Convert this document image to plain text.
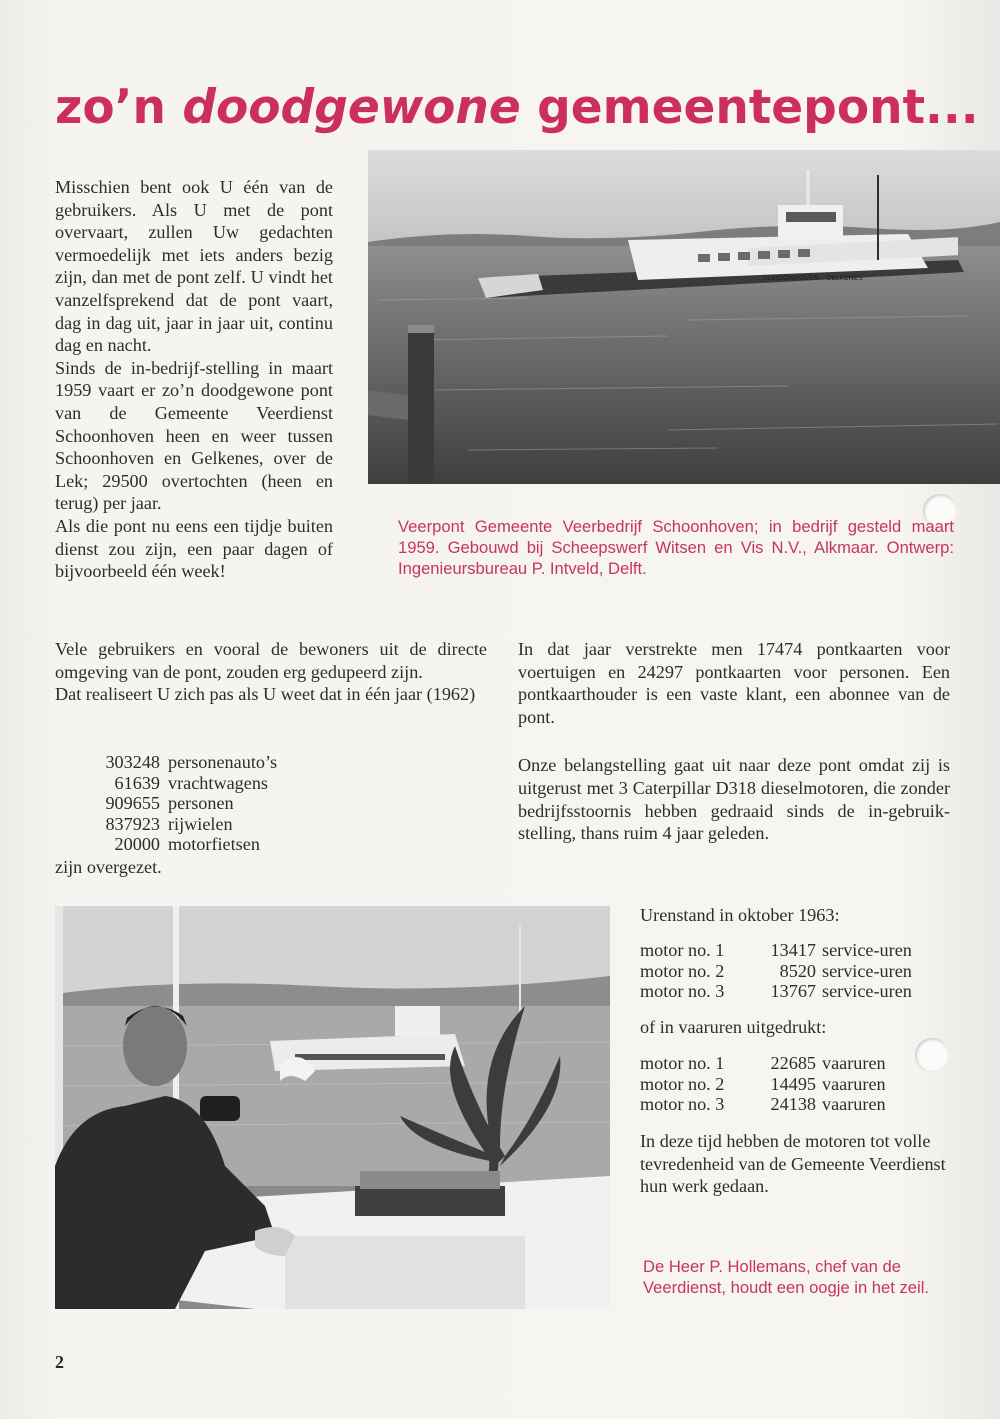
zo’n doodgewone gemeentepont...
SCHOONHOVEN - GELKENES
Veerpont Gemeente Veerbedrijf Schoonhoven; in bedrijf gesteld maart 1959. Gebouwd bij Scheepswerf Witsen en Vis N.V., Alkmaar. Ontwerp: Ingenieursbureau P. Intveld, Delft.

Misschien bent ook U één van de gebruikers. Als U met de pont overvaart, zullen Uw gedachten vermoedelijk met iets anders bezig zijn, dan met de pont zelf. U vindt het vanzelfsprekend dat de pont vaart, dag in dag uit, jaar in jaar uit, continu dag en nacht.

Sinds de in-bedrijf-stelling in maart 1959 vaart er zo’n doodgewone pont van de Gemeente Veerdienst Schoonhoven heen en weer tussen Schoonhoven en Gelkenes, over de Lek; 29500 overtochten (heen en terug) per jaar.

Als die pont nu eens een tijdje buiten dienst zou zijn, een paar dagen of bijvoorbeeld één week!

Vele gebruikers en vooral de bewoners uit de directe omgeving van de pont, zouden erg gedupeerd zijn.

Dat realiseert U zich pas als U weet dat in één jaar (1962)

303248 personenauto’s
61639 vrachtwagens
909655 personen
837923 rijwielen
20000 motorfietsen
zijn overgezet.

In dat jaar verstrekte men 17474 pontkaarten voor voertuigen en 24297 pontkaarten voor personen. Een pontkaarthouder is een vaste klant, een abonnee van de pont.

Onze belangstelling gaat uit naar deze pont omdat zij is uitgerust met 3 Caterpillar D318 dieselmotoren, die zonder bedrijfsstoornis hebben gedraaid sinds de in-gebruik-stelling, thans ruim 4 jaar geleden.

Urenstand in oktober 1963:
motor no. 1	13417 service-uren
motor no. 2	8520 service-uren
motor no. 3	13767 service-uren
of in vaaruren uitgedrukt:
motor no. 1	22685 vaaruren
motor no. 2	14495 vaaruren
motor no. 3	24138 vaaruren
In deze tijd hebben de motoren tot volle tevredenheid van de Gemeente Veerdienst hun werk gedaan.
De Heer P. Hollemans, chef van de Veerdienst, houdt een oogje in het zeil.
2
